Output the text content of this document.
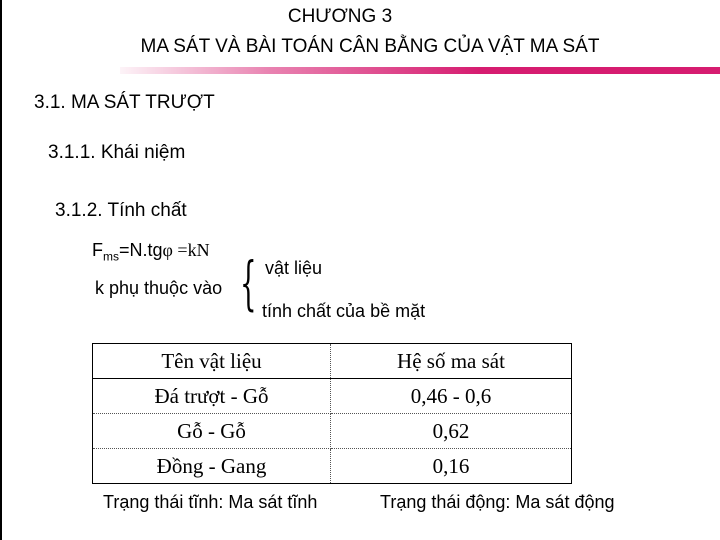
CHƯƠNG 3
MA SÁT VÀ BÀI TOÁN CÂN BẰNG CỦA VẬT MA SÁT
3.1. MA SÁT TRƯỢT
3.1.1. Khái niệm
3.1.2. Tính chất
$F_{ms}=N.tg\varphi =kN$
k phụ thuộc vào { vật liệu
tính chất của bề mặt
Tên vật liệu	Hệ số ma sát
Đá trượt - Gỗ	0,46 - 0,6
Gỗ - Gỗ	0,62
Đồng - Gang	0,16
Trạng thái tĩnh: Ma sát tĩnh	Trạng thái động: Ma sát động
